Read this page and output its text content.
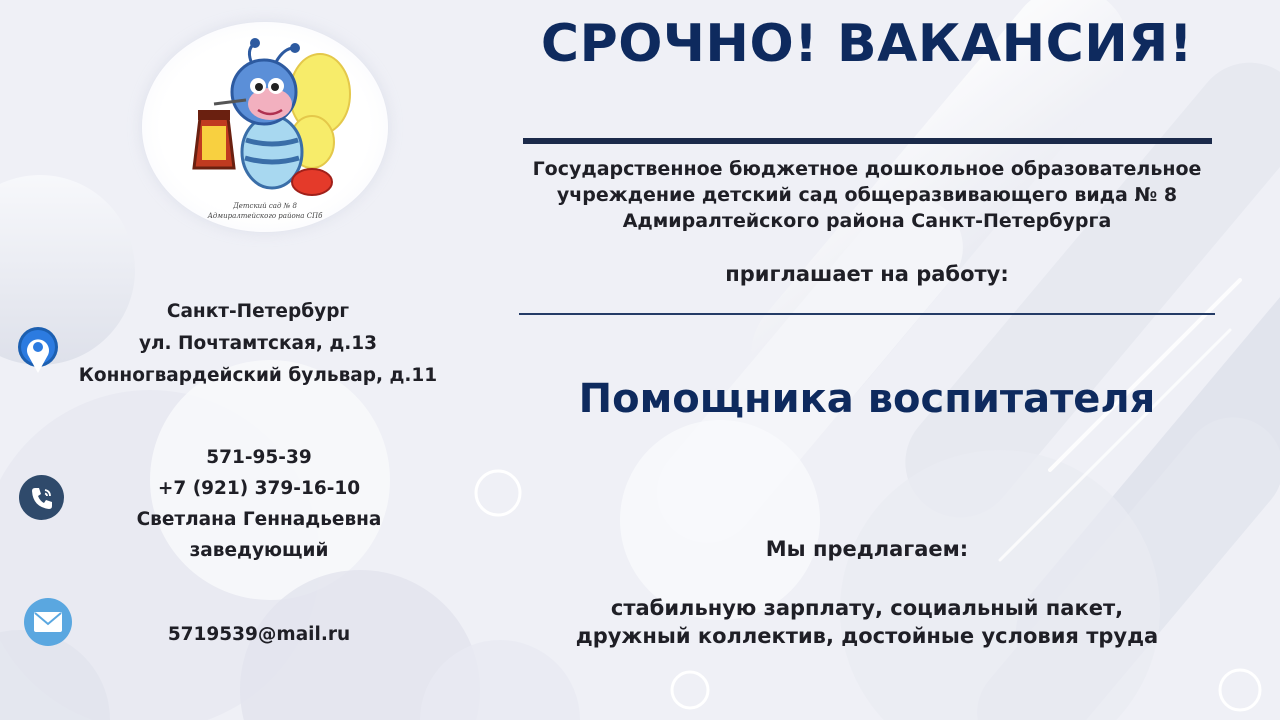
Детский сад № 8
Адмиралтейского района СПб
Санкт-Петербург
ул. Почтамтская, д.13
Конногвардейский бульвар, д.11
571-95-39
+7 (921) 379-16-10
Светлана Геннадьевна
заведующий
5719539@mail.ru
СРОЧНО! ВАКАНСИЯ!
Государственное бюджетное дошкольное образовательное
учреждение детский сад общеразвивающего вида № 8
Адмиралтейского района Санкт-Петербурга
приглашает на работу:
Помощника воспитателя
Мы предлагаем:
стабильную зарплату, социальный пакет,
дружный коллектив, достойные условия труда
